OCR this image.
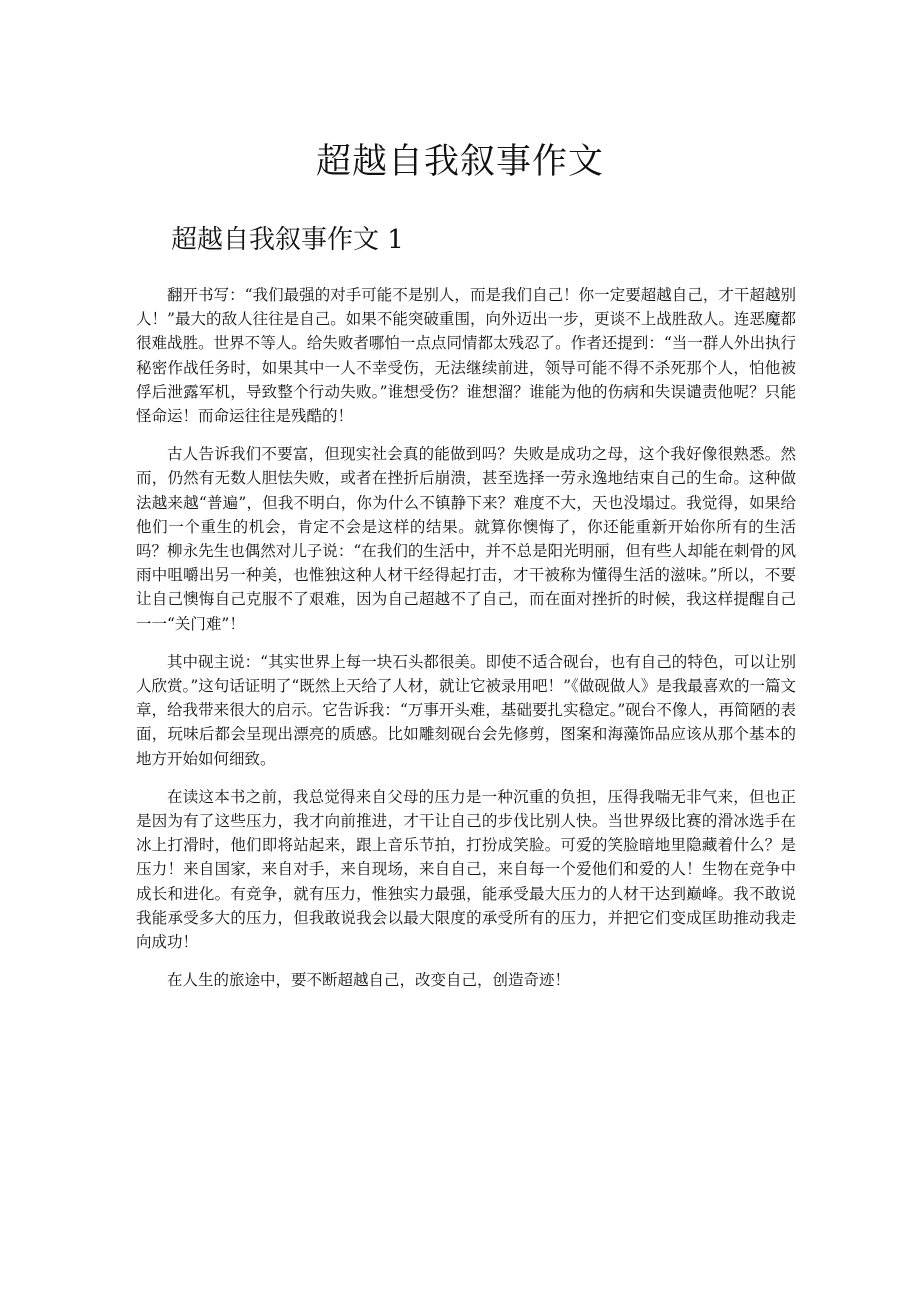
超越自我叙事作文
超越自我叙事作文 1

翻开书写：“我们最强的对手可能不是别人，而是我们自己！你一定要超越自己，才干超越别人！”最大的敌人往往是自己。如果不能突破重围，向外迈出一步，更谈不上战胜敌人。连恶魔都很难战胜。世界不等人。给失败者哪怕一点点同情都太残忍了。作者还提到：“当一群人外出执行秘密作战任务时，如果其中一人不幸受伤，无法继续前进，领导可能不得不杀死那个人，怕他被俘后泄露军机，导致整个行动失败。”谁想受伤？谁想溜？谁能为他的伤病和失误谴责他呢？只能怪命运！而命运往往是残酷的！

古人告诉我们不要富，但现实社会真的能做到吗？失败是成功之母，这个我好像很熟悉。然而，仍然有无数人胆怯失败，或者在挫折后崩溃，甚至选择一劳永逸地结束自己的生命。这种做法越来越“普遍”，但我不明白，你为什么不镇静下来？难度不大，天也没塌过。我觉得，如果给他们一个重生的机会，肯定不会是这样的结果。就算你懊悔了，你还能重新开始你所有的生活吗？柳永先生也偶然对儿子说：“在我们的生活中，并不总是阳光明丽，但有些人却能在刺骨的风雨中咀嚼出另一种美，也惟独这种人材干经得起打击，才干被称为懂得生活的滋味。”所以，不要让自己懊悔自己克服不了艰难，因为自己超越不了自己，而在面对挫折的时候，我这样提醒自己一一“关门难”！

其中砚主说：“其实世界上每一块石头都很美。即使不适合砚台，也有自己的特色，可以让别人欣赏。”这句话证明了“既然上天给了人材，就让它被录用吧！”《做砚做人》是我最喜欢的一篇文章，给我带来很大的启示。它告诉我：“万事开头难，基础要扎实稳定。”砚台不像人，再简陋的表面，玩味后都会呈现出漂亮的质感。比如雕刻砚台会先修剪，图案和海藻饰品应该从那个基本的地方开始如何细致。

在读这本书之前，我总觉得来自父母的压力是一种沉重的负担，压得我喘无非气来，但也正是因为有了这些压力，我才向前推进，才干让自己的步伐比别人快。当世界级比赛的滑冰选手在冰上打滑时，他们即将站起来，跟上音乐节拍，打扮成笑脸。可爱的笑脸暗地里隐藏着什么？是压力！来自国家，来自对手，来自现场，来自自己，来自每一个爱他们和爱的人！生物在竞争中成长和进化。有竞争，就有压力，惟独实力最强，能承受最大压力的人材干达到巅峰。我不敢说我能承受多大的压力，但我敢说我会以最大限度的承受所有的压力，并把它们变成匡助推动我走向成功！

在人生的旅途中，要不断超越自己，改变自己，创造奇迹！
